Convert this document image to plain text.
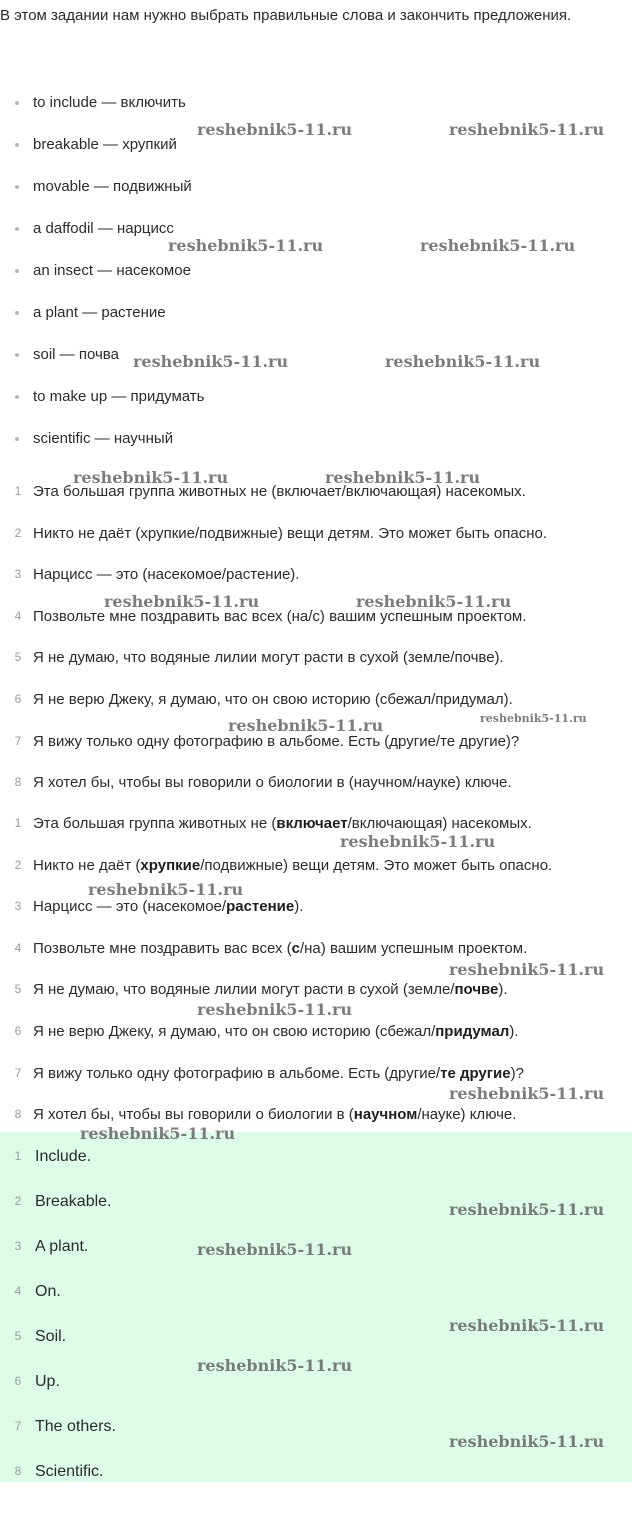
В этом задании нам нужно выбрать правильные слова и закончить предложения.

to include — включить
breakable — хрупкий
movable — подвижный
a daffodil — нарцисс
an insect — насекомое
a plant — растение
soil — почва
to make up — придумать
scientific — научный
1 Эта большая группа животных не (включает/включающая) насекомых.
2 Никто не даёт (хрупкие/подвижные) вещи детям. Это может быть опасно.
3 Нарцисс — это (насекомое/растение).
4 Позвольте мне поздравить вас всех (на/с) вашим успешным проектом.
5 Я не думаю, что водяные лилии могут расти в сухой (земле/почве).
6 Я не верю Джеку, я думаю, что он свою историю (сбежал/придумал).
7 Я вижу только одну фотографию в альбоме. Есть (другие/те другие)?
8 Я хотел бы, чтобы вы говорили о биологии в (научном/науке) ключе.
1 Эта большая группа животных не (включает/включающая) насекомых.
2 Никто не даёт (хрупкие/подвижные) вещи детям. Это может быть опасно.
3 Нарцисс — это (насекомое/растение).
4 Позвольте мне поздравить вас всех (с/на) вашим успешным проектом.
5 Я не думаю, что водяные лилии могут расти в сухой (земле/почве).
6 Я не верю Джеку, я думаю, что он свою историю (сбежал/придумал).
7 Я вижу только одну фотографию в альбоме. Есть (другие/те другие)?
8 Я хотел бы, чтобы вы говорили о биологии в (научном/науке) ключе.
1 Include.
2 Breakable.
3 A plant.
4 On.
5 Soil.
6 Up.
7 The others.
8 Scientific.
reshebnik5-11.ru	reshebnik5-11.ru
reshebnik5-11.ru	reshebnik5-11.ru
reshebnik5-11.ru	reshebnik5-11.ru
reshebnik5-11.ru	reshebnik5-11.ru
reshebnik5-11.ru	reshebnik5-11.ru
reshebnik5-11.ru	reshebnik5-11.ru
reshebnik5-11.ru
reshebnik5-11.ru
reshebnik5-11.ru
reshebnik5-11.ru
reshebnik5-11.ru
reshebnik5-11.ru
reshebnik5-11.ru
reshebnik5-11.ru
reshebnik5-11.ru
reshebnik5-11.ru
reshebnik5-11.ru
